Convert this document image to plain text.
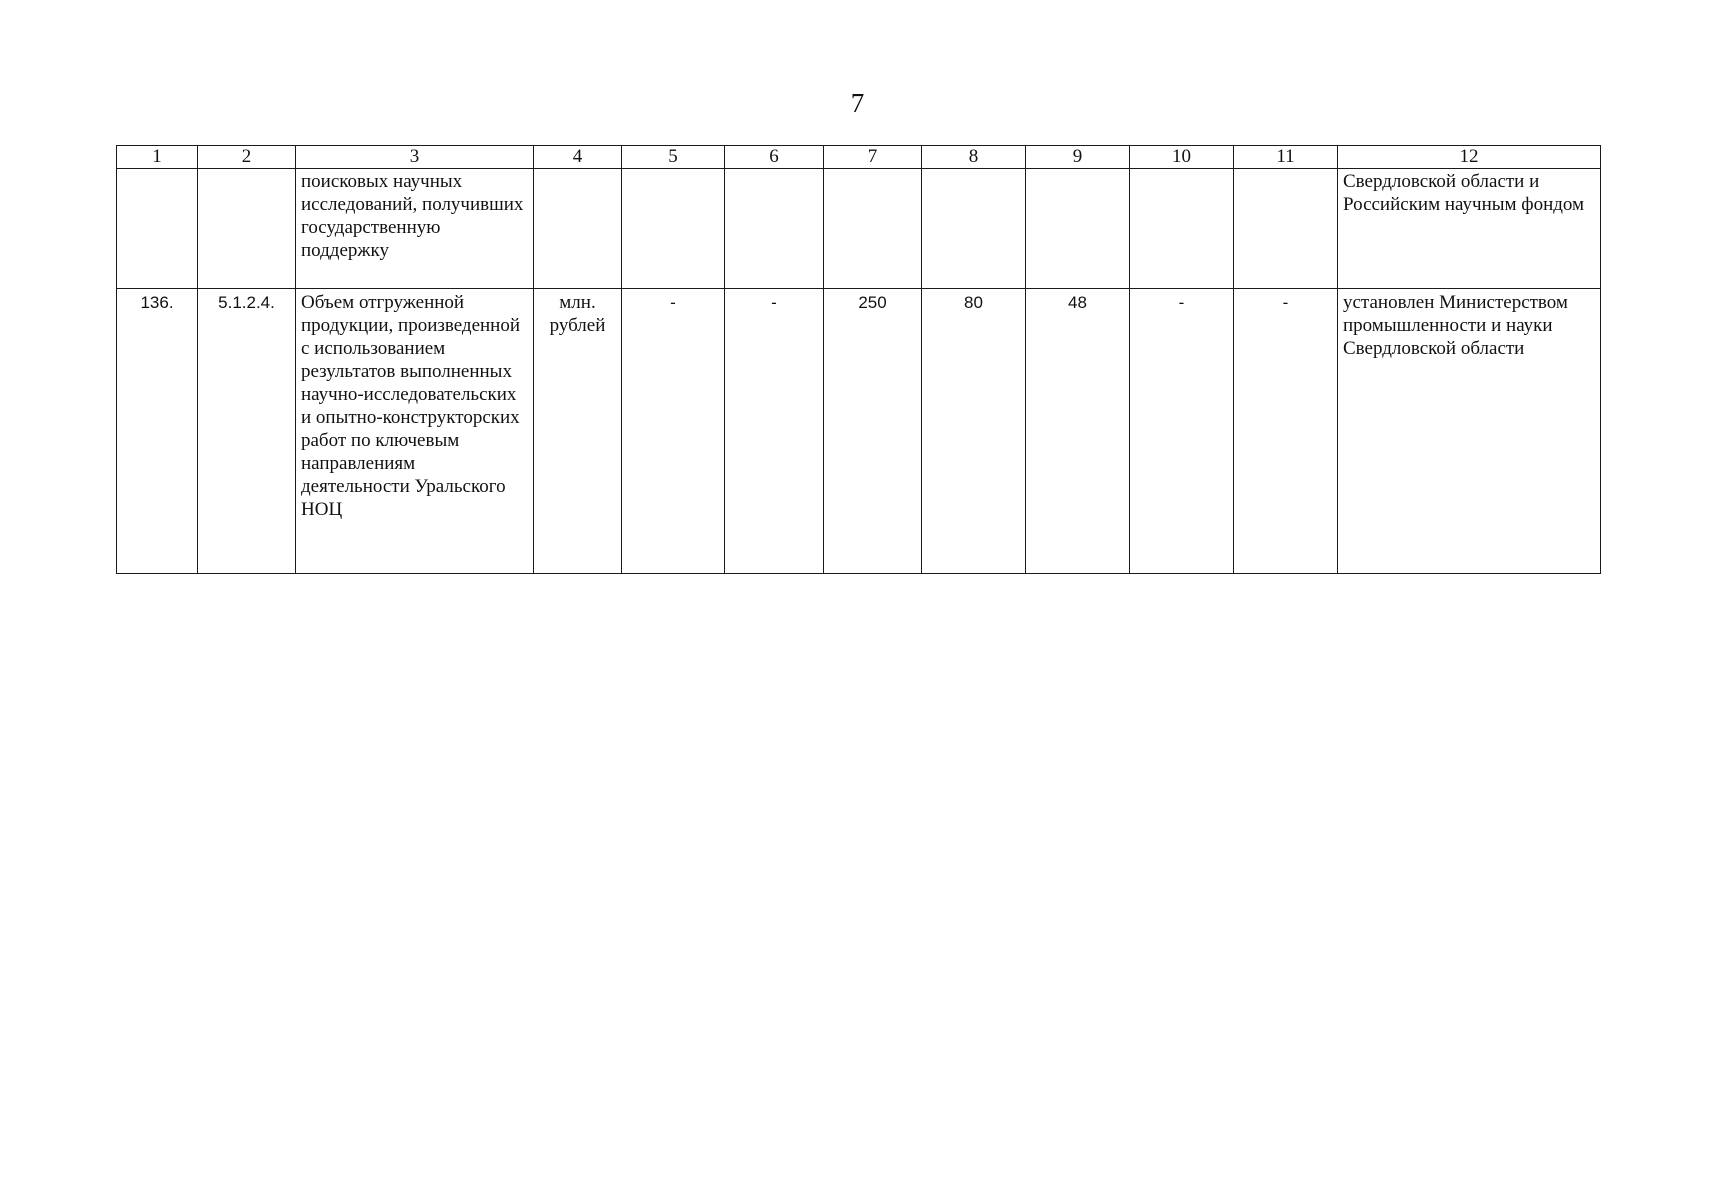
7
1	2	3	4	5	6	7	8	9	10	11	12
		поисковых научных исследований, получивших государственную поддержку									Свердловской области и Российским научным фондом
136.	5.1.2.4.	Объем отгруженной продукции, произведенной с использованием результатов выполненных научно-исследовательских и опытно-конструкторских работ по ключевым направлениям деятельности Уральского НОЦ	млн. рублей	-	-	250	80	48	-	-	установлен Министерством промышленности и науки Свердловской области
